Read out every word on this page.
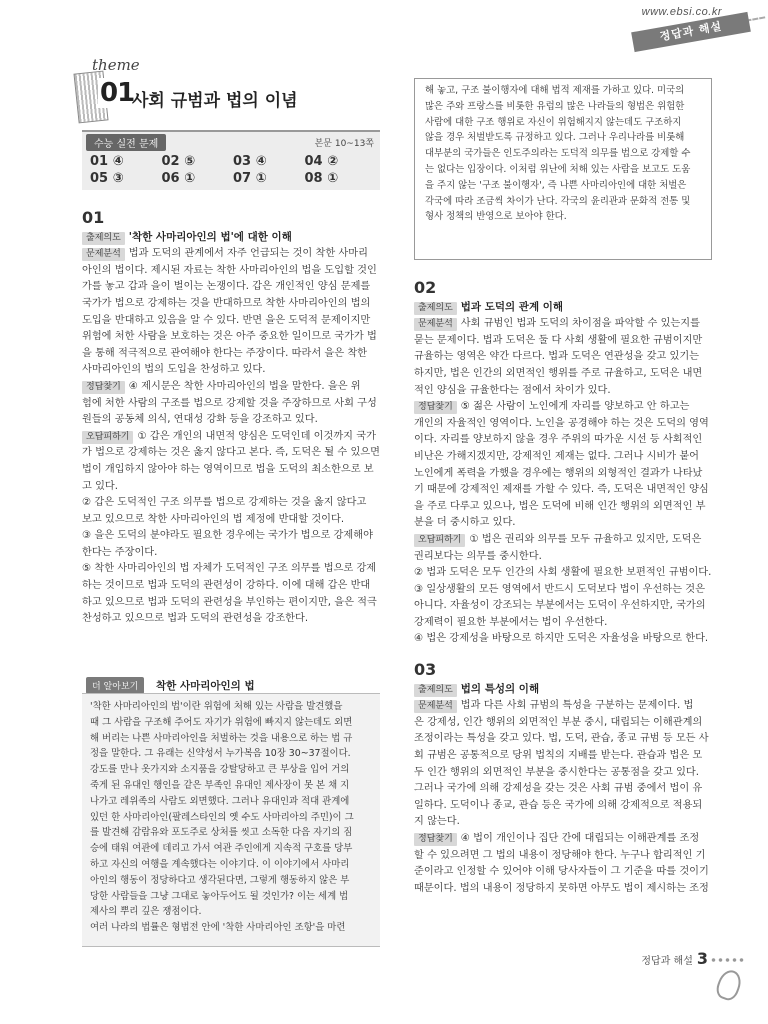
www.ebsi.co.kr
정답과 해설
theme
01
사회 규범과 법의 이념
수능 실전 문제	본문 10~13쪽
01 ④	02 ⑤	03 ④	04 ②
05 ③	06 ①	07 ①	08 ①
01
출제의도 '착한 사마리아인의 법'에 대한 이해
문제분석 법과 도덕의 관계에서 자주 언급되는 것이 착한 사마리
아인의 법이다. 제시된 자료는 착한 사마리아인의 법을 도입할 것인
가를 놓고 갑과 을이 벌이는 논쟁이다. 갑은 개인적인 양심 문제를
국가가 법으로 강제하는 것을 반대하므로 착한 사마리아인의 법의
도입을 반대하고 있음을 알 수 있다. 반면 을은 도덕적 문제이지만
위험에 처한 사람을 보호하는 것은 아주 중요한 일이므로 국가가 법
을 통해 적극적으로 관여해야 한다는 주장이다. 따라서 을은 착한
사마리아인의 법의 도입을 찬성하고 있다.
정답찾기 ④ 제시문은 착한 사마리아인의 법을 말한다. 을은 위
험에 처한 사람의 구조를 법으로 강제할 것을 주장하므로 사회 구성
원들의 공동체 의식, 연대성 강화 등을 강조하고 있다.
오답피하기 ① 갑은 개인의 내면적 양심은 도덕인데 이것까지 국가
가 법으로 강제하는 것은 옳지 않다고 본다. 즉, 도덕은 될 수 있으면
법이 개입하지 않아야 하는 영역이므로 법을 도덕의 최소한으로 보
고 있다.
② 갑은 도덕적인 구조 의무를 법으로 강제하는 것을 옳지 않다고
보고 있으므로 착한 사마리아인의 법 제정에 반대할 것이다.
③ 을은 도덕의 분야라도 필요한 경우에는 국가가 법으로 강제해야
한다는 주장이다.
⑤ 착한 사마리아인의 법 자체가 도덕적인 구조 의무를 법으로 강제
하는 것이므로 법과 도덕의 관련성이 강하다. 이에 대해 갑은 반대
하고 있으므로 법과 도덕의 관련성을 부인하는 편이지만, 을은 적극
찬성하고 있으므로 법과 도덕의 관련성을 강조한다.
더 알아보기	착한 사마리아인의 법
'착한 사마리아인의 법'이란 위험에 처해 있는 사람을 발견했을
때 그 사람을 구조해 주어도 자기가 위험에 빠지지 않는데도 외면
해 버리는 나쁜 사마리아인을 처벌하는 것을 내용으로 하는 법 규
정을 말한다. 그 유래는 신약성서 누가복음 10장 30~37절이다.
강도를 만나 옷가지와 소지품을 강탈당하고 큰 부상을 입어 거의
죽게 된 유대인 행인을 같은 부족인 유대인 제사장이 못 본 채 지
나가고 레위족의 사람도 외면했다. 그러나 유대인과 적대 관계에
있던 한 사마리아인(팔레스타인의 옛 수도 사마리아의 주민)이 그
를 발견해 감람유와 포도주로 상처를 씻고 소독한 다음 자기의 짐
승에 태워 여관에 데리고 가서 여관 주인에게 지속적 구호를 당부
하고 자신의 여행을 계속했다는 이야기다. 이 이야기에서 사마리
아인의 행동이 정당하다고 생각된다면, 그렇게 행동하지 않은 부
당한 사람들을 그냥 그대로 놓아두어도 될 것인가? 이는 세계 법
제사의 뿌리 깊은 쟁점이다.
여러 나라의 법률은 형법전 안에 '착한 사마리아인 조항'을 마련
해 놓고, 구조 불이행자에 대해 법적 제재를 가하고 있다. 미국의
많은 주와 프랑스를 비롯한 유럽의 많은 나라들의 형법은 위험한
사람에 대한 구조 행위로 자신이 위험해지지 않는데도 구조하지
않을 경우 처벌받도록 규정하고 있다. 그러나 우리나라를 비롯해
대부분의 국가들은 인도주의라는 도덕적 의무를 법으로 강제할 수
는 없다는 입장이다. 이처럼 위난에 처해 있는 사람을 보고도 도움
을 주지 않는 '구조 불이행자', 즉 나쁜 사마리아인에 대한 처벌은
각국에 따라 조금씩 차이가 난다. 각국의 윤리관과 문화적 전통 및
형사 정책의 반영으로 보아야 한다.
02
출제의도 법과 도덕의 관계 이해
문제분석 사회 규범인 법과 도덕의 차이점을 파악할 수 있는지를
묻는 문제이다. 법과 도덕은 둘 다 사회 생활에 필요한 규범이지만
규율하는 영역은 약간 다르다. 법과 도덕은 연관성을 갖고 있기는
하지만, 법은 인간의 외면적인 행위를 주로 규율하고, 도덕은 내면
적인 양심을 규율한다는 점에서 차이가 있다.
정답찾기 ⑤ 젊은 사람이 노인에게 자리를 양보하고 안 하고는
개인의 자율적인 영역이다. 노인을 공경해야 하는 것은 도덕의 영역
이다. 자리를 양보하지 않을 경우 주위의 따가운 시선 등 사회적인
비난은 가해지겠지만, 강제적인 제재는 없다. 그러나 시비가 붙어
노인에게 폭력을 가했을 경우에는 행위의 외형적인 결과가 나타났
기 때문에 강제적인 제재를 가할 수 있다. 즉, 도덕은 내면적인 양심
을 주로 다루고 있으나, 법은 도덕에 비해 인간 행위의 외면적인 부
분을 더 중시하고 있다.
오답피하기 ① 법은 권리와 의무를 모두 규율하고 있지만, 도덕은
권리보다는 의무를 중시한다.
② 법과 도덕은 모두 인간의 사회 생활에 필요한 보편적인 규범이다.
③ 일상생활의 모든 영역에서 반드시 도덕보다 법이 우선하는 것은
아니다. 자율성이 강조되는 부분에서는 도덕이 우선하지만, 국가의
강제력이 필요한 부분에서는 법이 우선한다.
④ 법은 강제성을 바탕으로 하지만 도덕은 자율성을 바탕으로 한다.
03
출제의도 법의 특성의 이해
문제분석 법과 다른 사회 규범의 특성을 구분하는 문제이다. 법
은 강제성, 인간 행위의 외면적인 부분 중시, 대립되는 이해관계의
조정이라는 특성을 갖고 있다. 법, 도덕, 관습, 종교 규범 등 모든 사
회 규범은 공통적으로 당위 법칙의 지배를 받는다. 관습과 법은 모
두 인간 행위의 외면적인 부분을 중시한다는 공통점을 갖고 있다.
그러나 국가에 의해 강제성을 갖는 것은 사회 규범 중에서 법이 유
일하다. 도덕이나 종교, 관습 등은 국가에 의해 강제적으로 적용되
지 않는다.
정답찾기 ④ 법이 개인이나 집단 간에 대립되는 이해관계를 조정
할 수 있으려면 그 법의 내용이 정당해야 한다. 누구나 합리적인 기
준이라고 인정할 수 있어야 이해 당사자들이 그 기준을 따를 것이기
때문이다. 법의 내용이 정당하지 못하면 아무도 법이 제시하는 조정
정답과 해설 3
